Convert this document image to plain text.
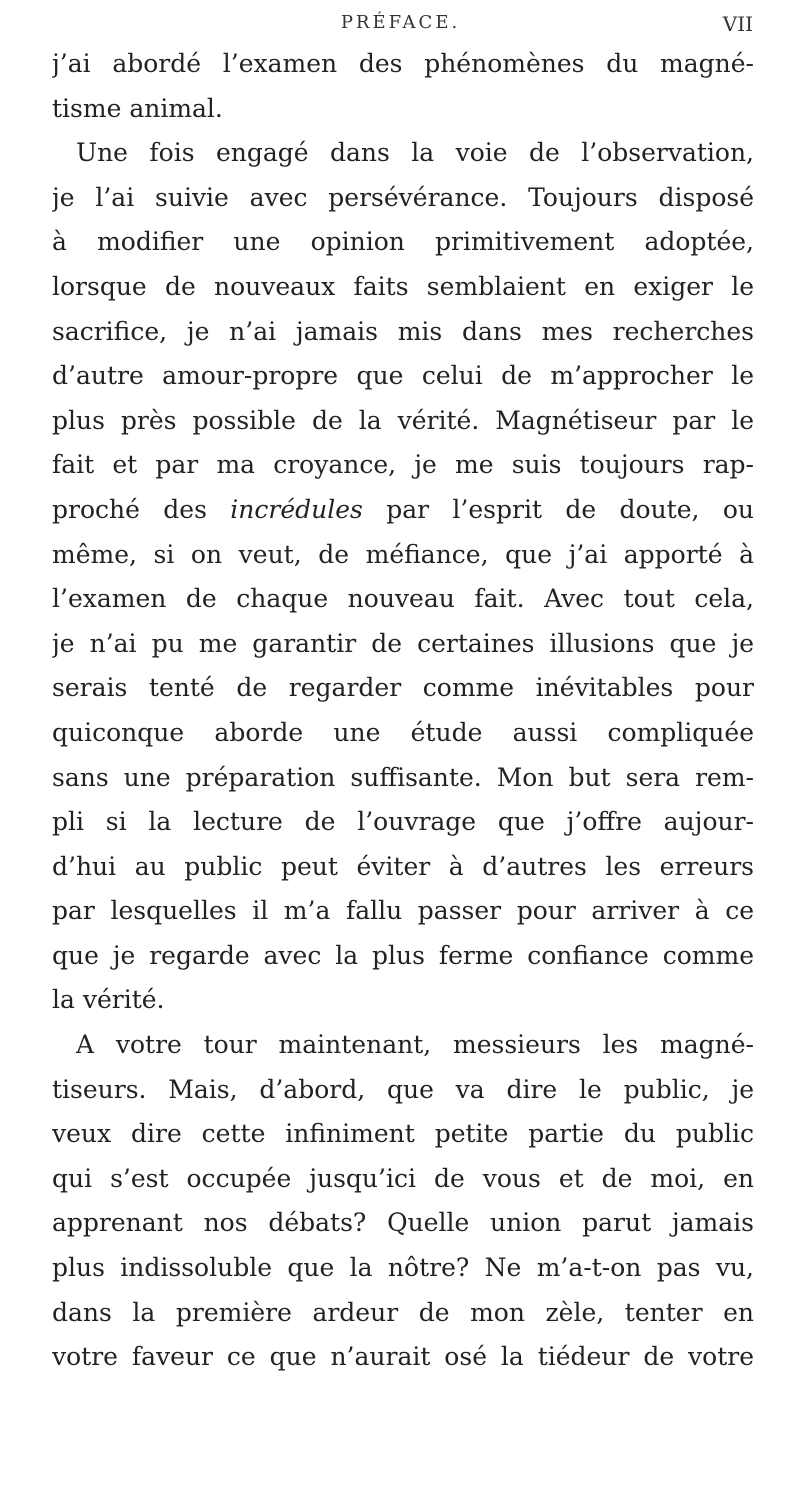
PRÉFACE.	VII
j’ai abordé l’examen des phénomènes du magné-
tisme animal.
Une fois engagé dans la voie de l’observation,
je l’ai suivie avec persévérance. Toujours disposé
à modifier une opinion primitivement adoptée,
lorsque de nouveaux faits semblaient en exiger le
sacrifice, je n’ai jamais mis dans mes recherches
d’autre amour-propre que celui de m’approcher le
plus près possible de la vérité. Magnétiseur par le
fait et par ma croyance, je me suis toujours rap-
proché des incrédules par l’esprit de doute, ou
même, si on veut, de méfiance, que j’ai apporté à
l’examen de chaque nouveau fait. Avec tout cela,
je n’ai pu me garantir de certaines illusions que je
serais tenté de regarder comme inévitables pour
quiconque aborde une étude aussi compliquée
sans une préparation suffisante. Mon but sera rem-
pli si la lecture de l’ouvrage que j’offre aujour-
d’hui au public peut éviter à d’autres les erreurs
par lesquelles il m’a fallu passer pour arriver à ce
que je regarde avec la plus ferme confiance comme
la vérité.
A votre tour maintenant, messieurs les magné-
tiseurs. Mais, d’abord, que va dire le public, je
veux dire cette infiniment petite partie du public
qui s’est occupée jusqu’ici de vous et de moi, en
apprenant nos débats? Quelle union parut jamais
plus indissoluble que la nôtre? Ne m’a-t-on pas vu,
dans la première ardeur de mon zèle, tenter en
votre faveur ce que n’aurait osé la tiédeur de votre
